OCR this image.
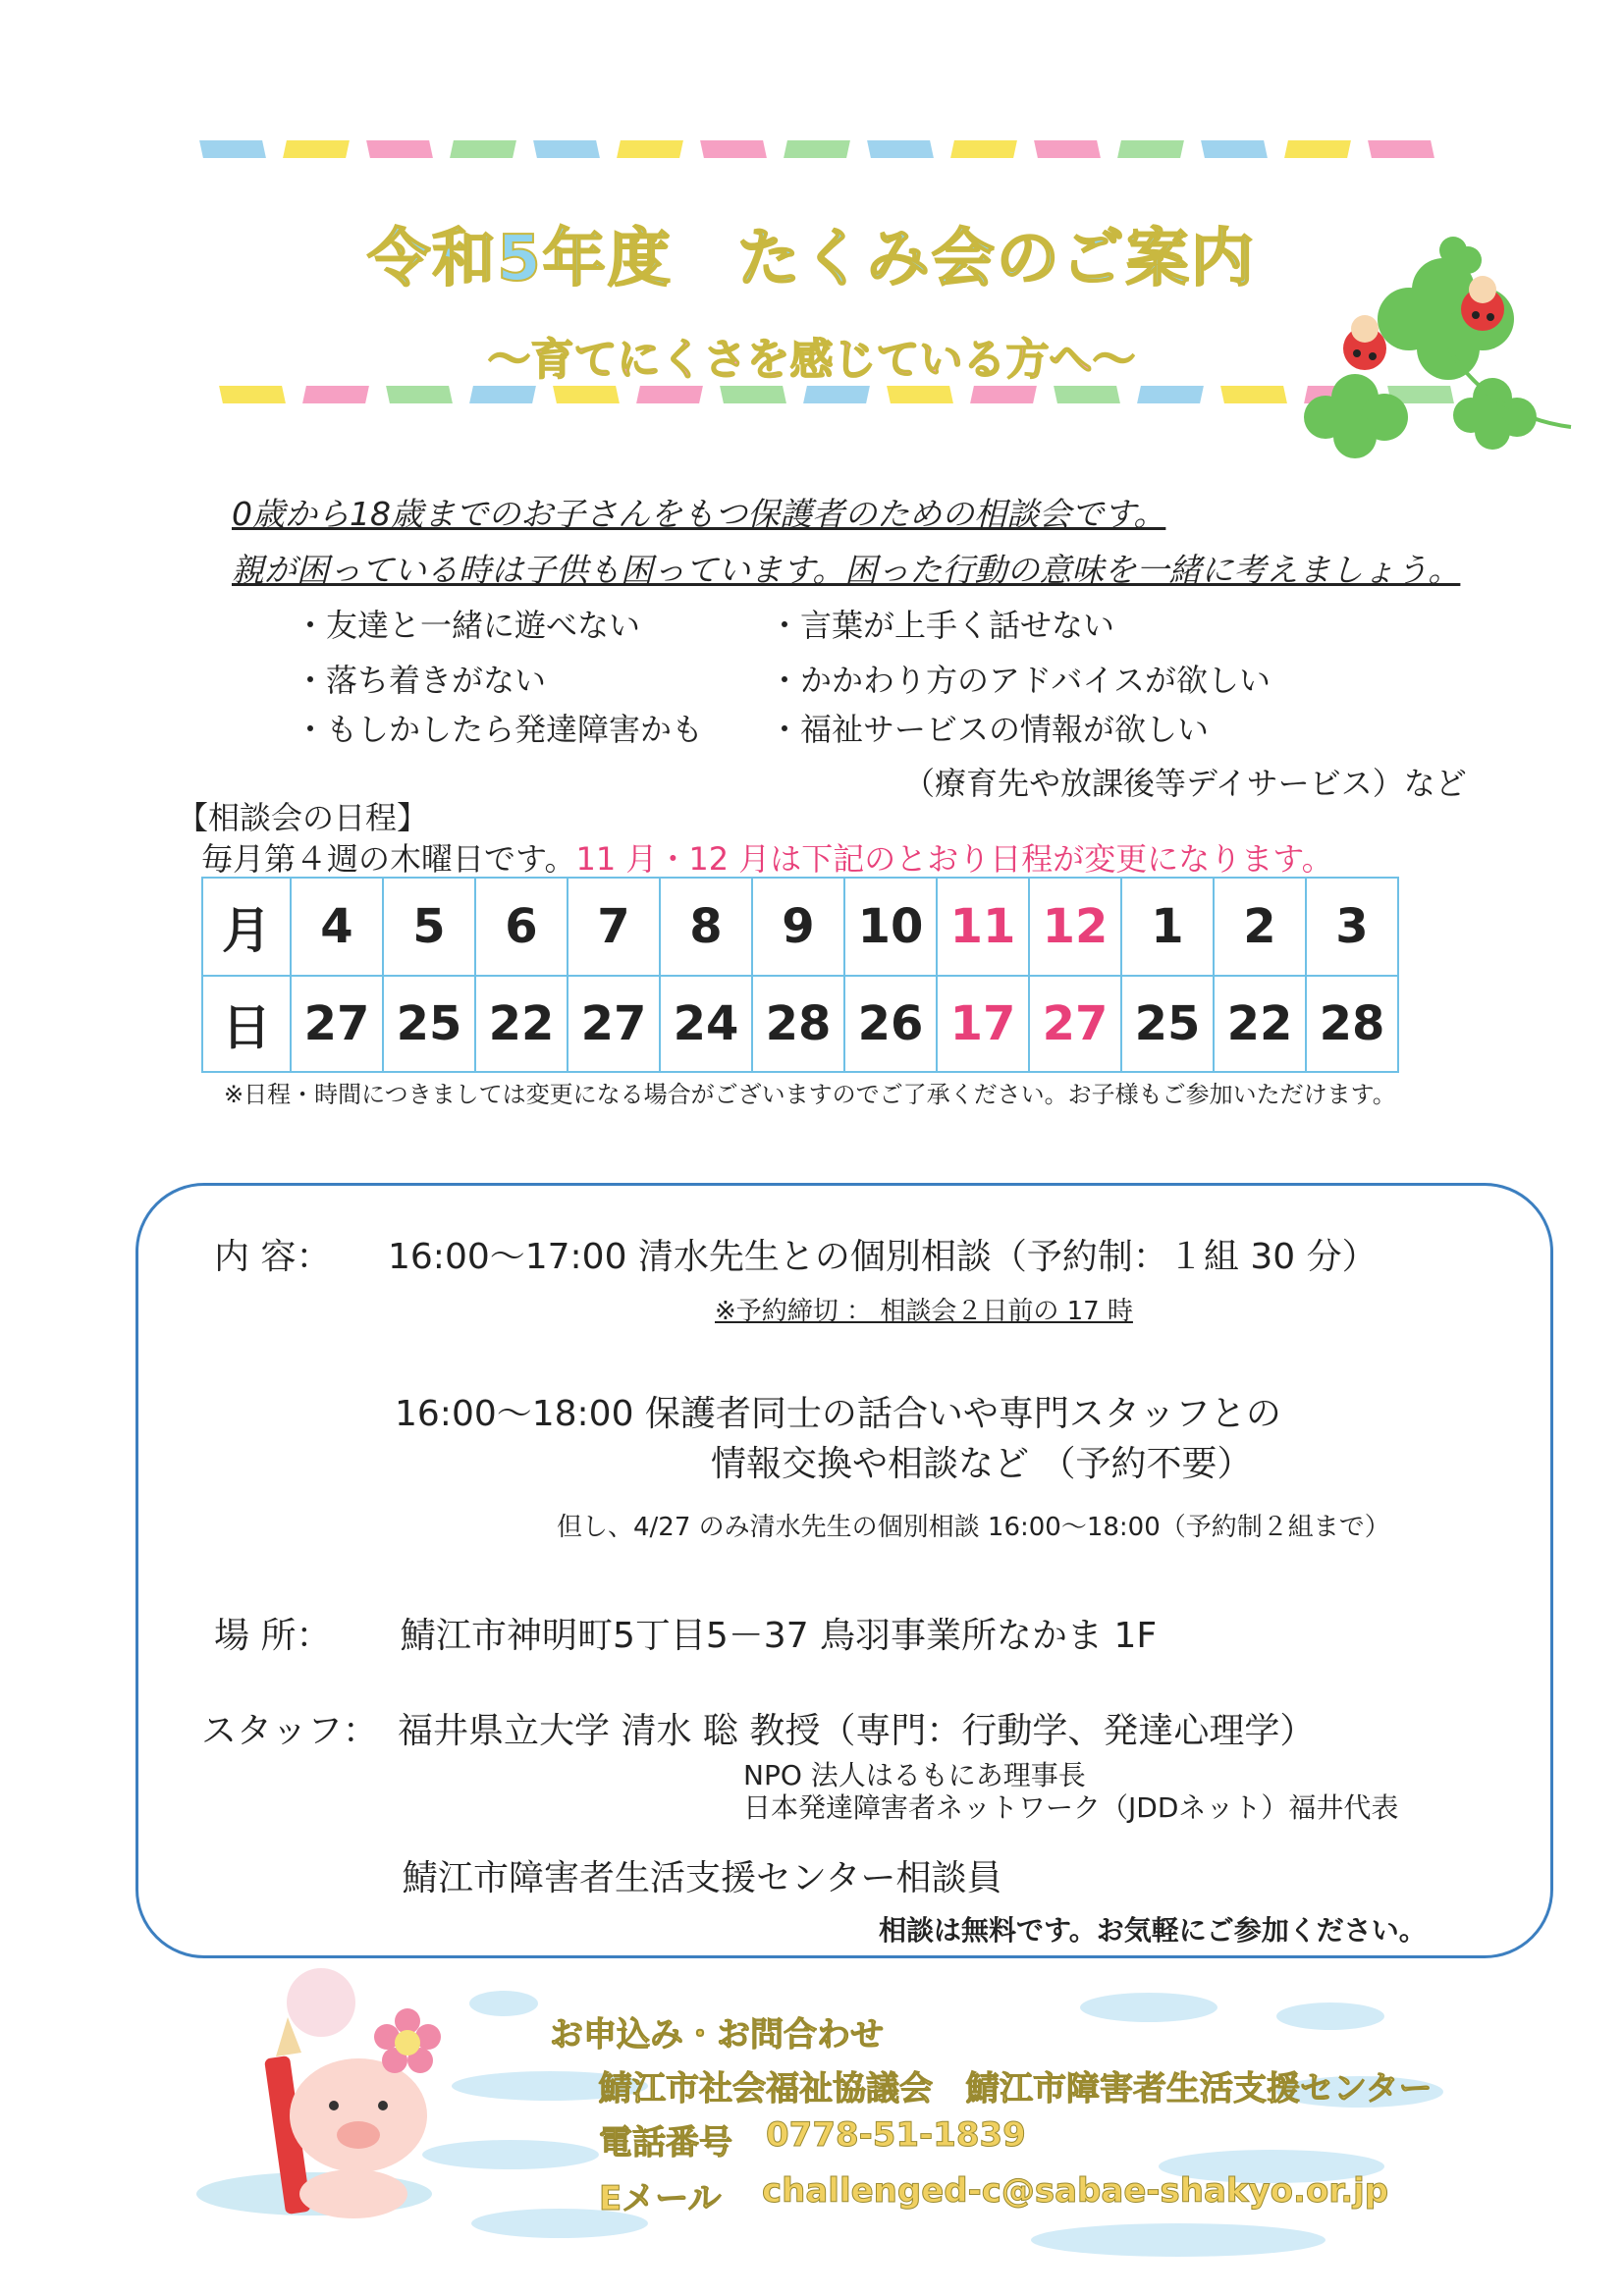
令和5年度　たくみ会のご案内
～育てにくさを感じている方へ～
0歳から18歳までのお子さんをもつ保護者のための相談会です。
親が困っている時は子供も困っています。困った行動の意味を一緒に考えましょう。
・友達と一緒に遊べない
・落ち着きがない
・もしかしたら発達障害かも
・言葉が上手く話せない
・かかわり方のアドバイスが欲しい
・福祉サービスの情報が欲しい
（療育先や放課後等デイサービス）など
【相談会の日程】
毎月第４週の木曜日です。11 月・12 月は下記のとおり日程が変更になります。
月	4	5	6	7	8	9	10	11	12	1	2	3
日	27	25	22	27	24	28	26	17	27	25	22	28
※日程・時間につきましては変更になる場合がございますのでご了承ください。お子様もご参加いただけます。
内 容： 16:00～17:00 清水先生との個別相談（予約制：１組 30 分）
※予約締切 ： 相談会２日前の 17 時
16:00～18:00 保護者同士の話合いや専門スタッフとの
情報交換や相談など （予約不要）
但し、4/27 のみ清水先生の個別相談 16:00～18:00（予約制２組まで）
場 所： 鯖江市神明町5丁目5－37 鳥羽事業所なかま 1F
スタッフ： 福井県立大学 清水 聡 教授（専門：行動学、発達心理学）
NPO 法人はるもにあ理事長
日本発達障害者ネットワーク（JDDネット）福井代表
鯖江市障害者生活支援センター相談員
相談は無料です。お気軽にご参加ください。
お申込み・お問合わせ
鯖江市社会福祉協議会　鯖江市障害者生活支援センター
電話番号 0778-51-1839
Eメール challenged-c@sabae-shakyo.or.jp
